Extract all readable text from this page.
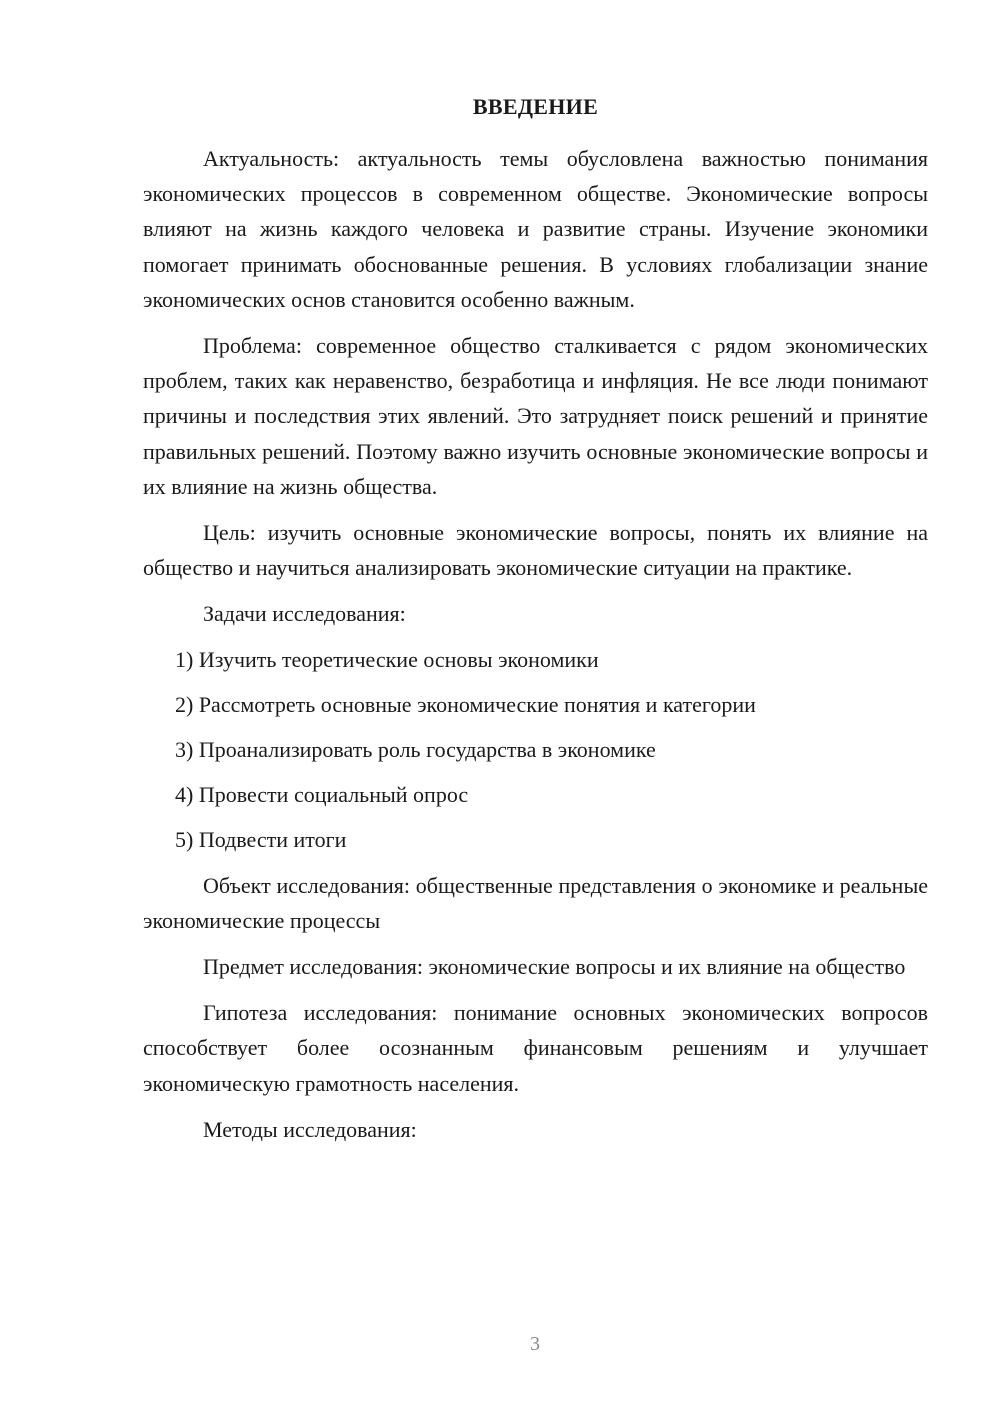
ВВЕДЕНИЕ

Актуальность: актуальность темы обусловлена важностью понимания экономических процессов в современном обществе. Экономические вопросы влияют на жизнь каждого человека и развитие страны. Изучение экономики помогает принимать обоснованные решения. В условиях глобализации знание экономических основ становится особенно важным.

Проблема: современное общество сталкивается с рядом экономических проблем, таких как неравенство, безработица и инфляция. Не все люди понимают причины и последствия этих явлений. Это затрудняет поиск решений и принятие правильных решений. Поэтому важно изучить основные экономические вопросы и их влияние на жизнь общества.

Цель: изучить основные экономические вопросы, понять их влияние на общество и научиться анализировать экономические ситуации на практике.

Задачи исследования:

1) Изучить теоретические основы экономики
2) Рассмотреть основные экономические понятия и категории
3) Проанализировать роль государства в экономике
4) Провести социальный опрос
5) Подвести итоги

Объект исследования: общественные представления о экономике и реальные экономические процессы

Предмет исследования: экономические вопросы и их влияние на общество

Гипотеза исследования: понимание основных экономических вопросов способствует более осознанным финансовым решениям и улучшает экономическую грамотность населения.

Методы исследования:

3
